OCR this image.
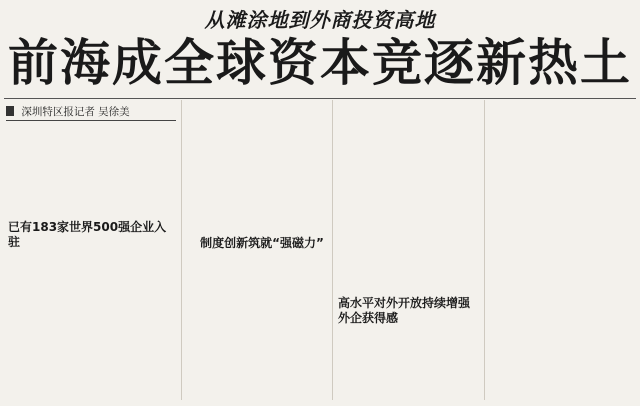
从滩涂地到外商投资高地
前海成全球资本竞逐新热土
深圳特区报记者 吴徐美
已有183家世界500强企业入驻	制度创新筑就“强磁力”
高水平对外开放持续增强外企获得感
